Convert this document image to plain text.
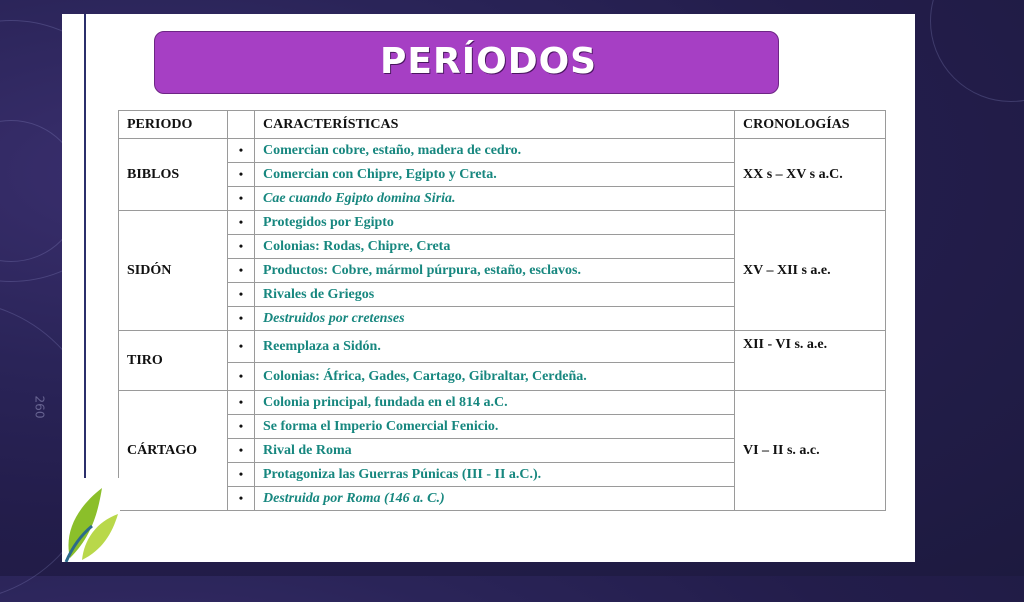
260
PERÍODOS
PERIODO		CARACTERÍSTICAS	CRONOLOGÍAS
BIBLOS	•	Comercian cobre, estaño, madera de cedro.	XX s – XV s a.C.
	•	Comercian con Chipre, Egipto y Creta.	
	•	Cae cuando Egipto domina Siria.	
SIDÓN	•	Protegidos por Egipto	XV – XII s a.e.
	•	Colonias: Rodas, Chipre, Creta	
	•	Productos: Cobre, mármol púrpura, estaño, esclavos.	
	•	Rivales de Griegos	
	•	Destruidos por cretenses	
TIRO	•	Reemplaza a Sidón.	XII - VI s. a.e.
	•	Colonias: África, Gades, Cartago, Gibraltar, Cerdeña.	
CÁRTAGO	•	Colonia principal, fundada en el 814 a.C.	VI – II s. a.c.
	•	Se forma el Imperio Comercial Fenicio.	
	•	Rival de Roma	
	•	Protagoniza las Guerras Púnicas (III - II a.C.).	
	•	Destruida por Roma (146 a. C.)	
